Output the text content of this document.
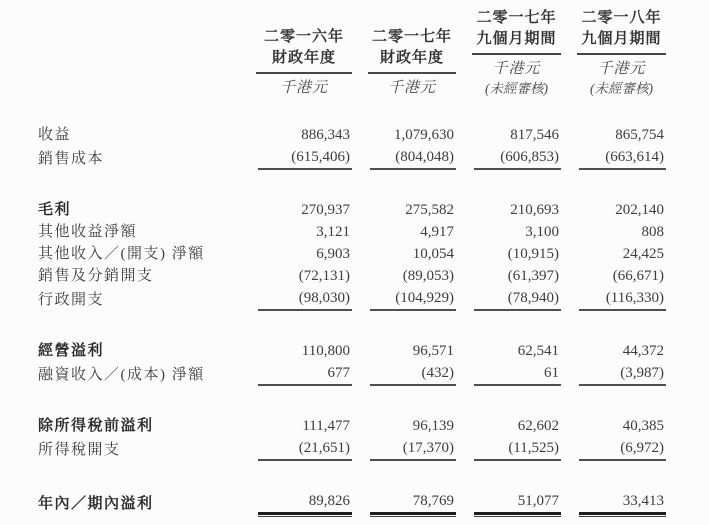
二零一六年
財政年度
千港元
二零一七年
財政年度
千港元
二零一七年
九個月期間
千港元
(未經審核)
二零一八年
九個月期間
千港元
(未經審核)
收益	886,343	1,079,630	817,546	865,754
銷售成本	(615,406)	(804,048)	(606,853)	(663,614)
毛利	270,937	275,582	210,693	202,140
其他收益淨額	3,121	4,917	3,100	808
其他收入／(開支) 淨額	6,903	10,054	(10,915)	24,425
銷售及分銷開支	(72,131)	(89,053)	(61,397)	(66,671)
行政開支	(98,030)	(104,929)	(78,940)	(116,330)
經營溢利	110,800	96,571	62,541	44,372
融資收入／(成本) 淨額	677	(432)	61	(3,987)
除所得稅前溢利	111,477	96,139	62,602	40,385
所得稅開支	(21,651)	(17,370)	(11,525)	(6,972)
年內／期內溢利	89,826	78,769	51,077	33,413
